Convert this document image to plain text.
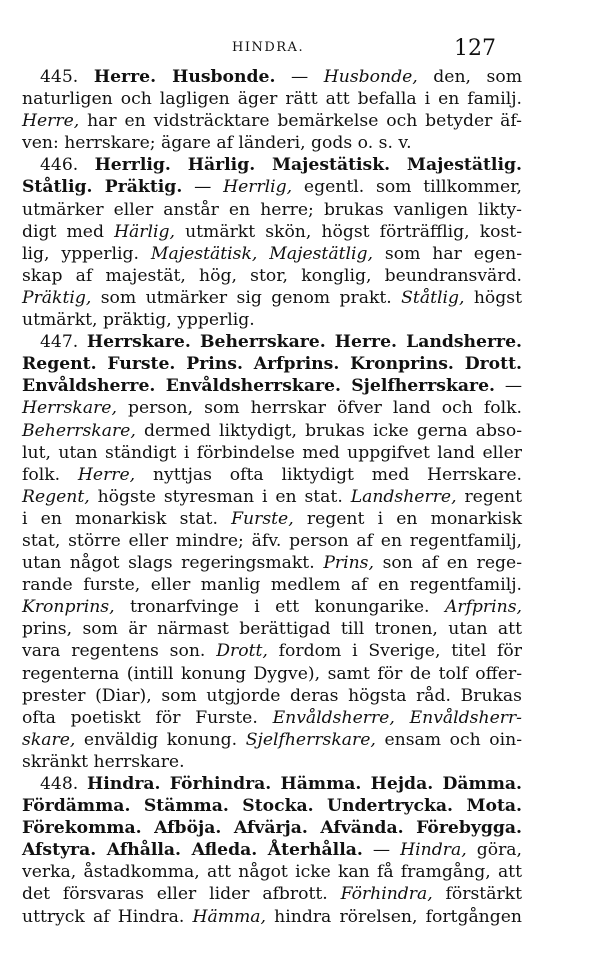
HINDRA.	127
445. Herre. Husbonde. — Husbonde, den, som
naturligen och lagligen äger rätt att befalla i en familj.
Herre, har en vidsträcktare bemärkelse och betyder äf-
ven: herrskare; ägare af länderi, gods o. s. v.
446. Herrlig. Härlig. Majestätisk. Majestätlig.
Ståtlig. Präktig. — Herrlig, egentl. som tillkommer,
utmärker eller anstår en herre; brukas vanligen likty-
digt med Härlig, utmärkt skön, högst förträfflig, kost-
lig, ypperlig. Majestätisk, Majestätlig, som har egen-
skap af majestät, hög, stor, konglig, beundransvärd.
Präktig, som utmärker sig genom prakt. Ståtlig, högst
utmärkt, präktig, ypperlig.
447. Herrskare. Beherrskare. Herre. Landsherre.
Regent. Furste. Prins. Arfprins. Kronprins. Drott.
Envåldsherre. Envåldsherrskare. Sjelfherrskare. —
Herrskare, person, som herrskar öfver land och folk.
Beherrskare, dermed liktydigt, brukas icke gerna abso-
lut, utan ständigt i förbindelse med uppgifvet land eller
folk. Herre, nyttjas ofta liktydigt med Herrskare.
Regent, högste styresman i en stat. Landsherre, regent
i en monarkisk stat. Furste, regent i en monarkisk
stat, större eller mindre; äfv. person af en regentfamilj,
utan något slags regeringsmakt. Prins, son af en rege-
rande furste, eller manlig medlem af en regentfamilj.
Kronprins, tronarfvinge i ett konungarike. Arfprins,
prins, som är närmast berättigad till tronen, utan att
vara regentens son. Drott, fordom i Sverige, titel för
regenterna (intill konung Dygve), samt för de tolf offer-
prester (Diar), som utgjorde deras högsta råd. Brukas
ofta poetiskt för Furste. Envåldsherre, Envåldsherr-
skare, enväldig konung. Sjelfherrskare, ensam och oin-
skränkt herrskare.
448. Hindra. Förhindra. Hämma. Hejda. Dämma.
Fördämma. Stämma. Stocka. Undertrycka. Mota.
Förekomma. Afböja. Afvärja. Afvända. Förebygga.
Afstyra. Afhålla. Afleda. Återhålla. — Hindra, göra,
verka, åstadkomma, att något icke kan få framgång, att
det försvaras eller lider afbrott. Förhindra, förstärkt
uttryck af Hindra. Hämma, hindra rörelsen, fortgången
